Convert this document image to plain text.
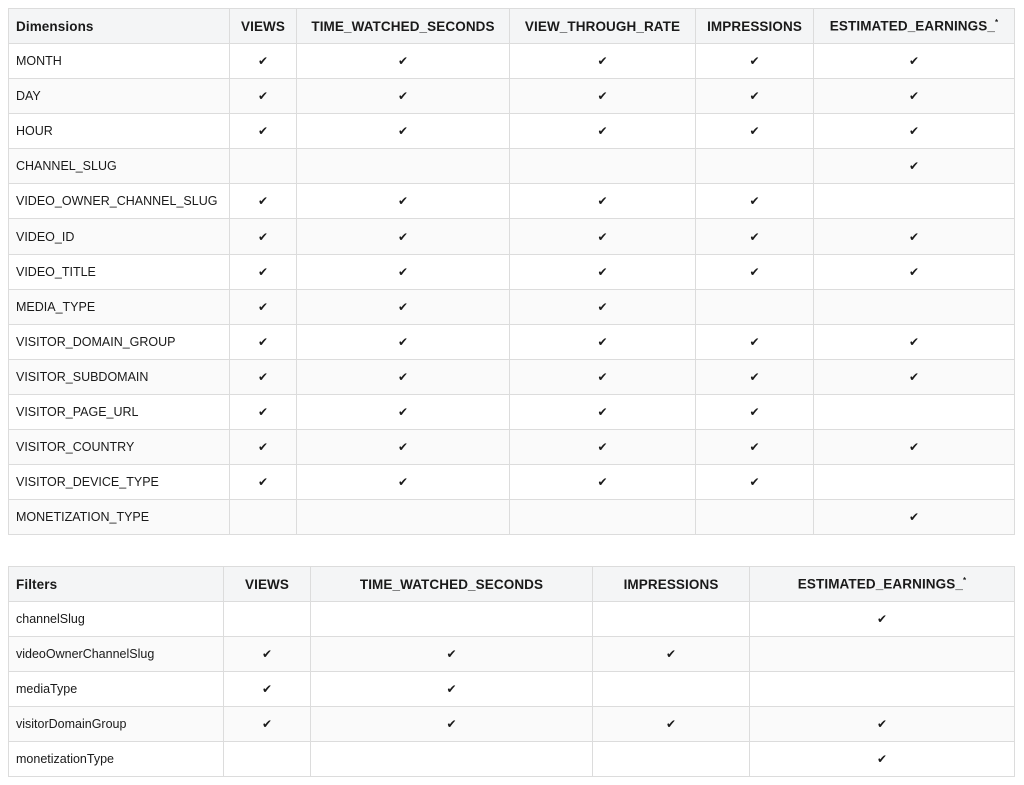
Dimensions	VIEWS	TIME_WATCHED_SECONDS	VIEW_THROUGH_RATE	IMPRESSIONS	ESTIMATED_EARNINGS_*
MONTH	✔	✔	✔	✔	✔
DAY	✔	✔	✔	✔	✔
HOUR	✔	✔	✔	✔	✔
CHANNEL_SLUG					✔
VIDEO_OWNER_CHANNEL_SLUG	✔	✔	✔	✔	
VIDEO_ID	✔	✔	✔	✔	✔
VIDEO_TITLE	✔	✔	✔	✔	✔
MEDIA_TYPE	✔	✔	✔		
VISITOR_DOMAIN_GROUP	✔	✔	✔	✔	✔
VISITOR_SUBDOMAIN	✔	✔	✔	✔	✔
VISITOR_PAGE_URL	✔	✔	✔	✔	
VISITOR_COUNTRY	✔	✔	✔	✔	✔
VISITOR_DEVICE_TYPE	✔	✔	✔	✔	
MONETIZATION_TYPE					✔
Filters	VIEWS	TIME_WATCHED_SECONDS	IMPRESSIONS	ESTIMATED_EARNINGS_*
channelSlug				✔
videoOwnerChannelSlug	✔	✔	✔	
mediaType	✔	✔		
visitorDomainGroup	✔	✔	✔	✔
monetizationType				✔
